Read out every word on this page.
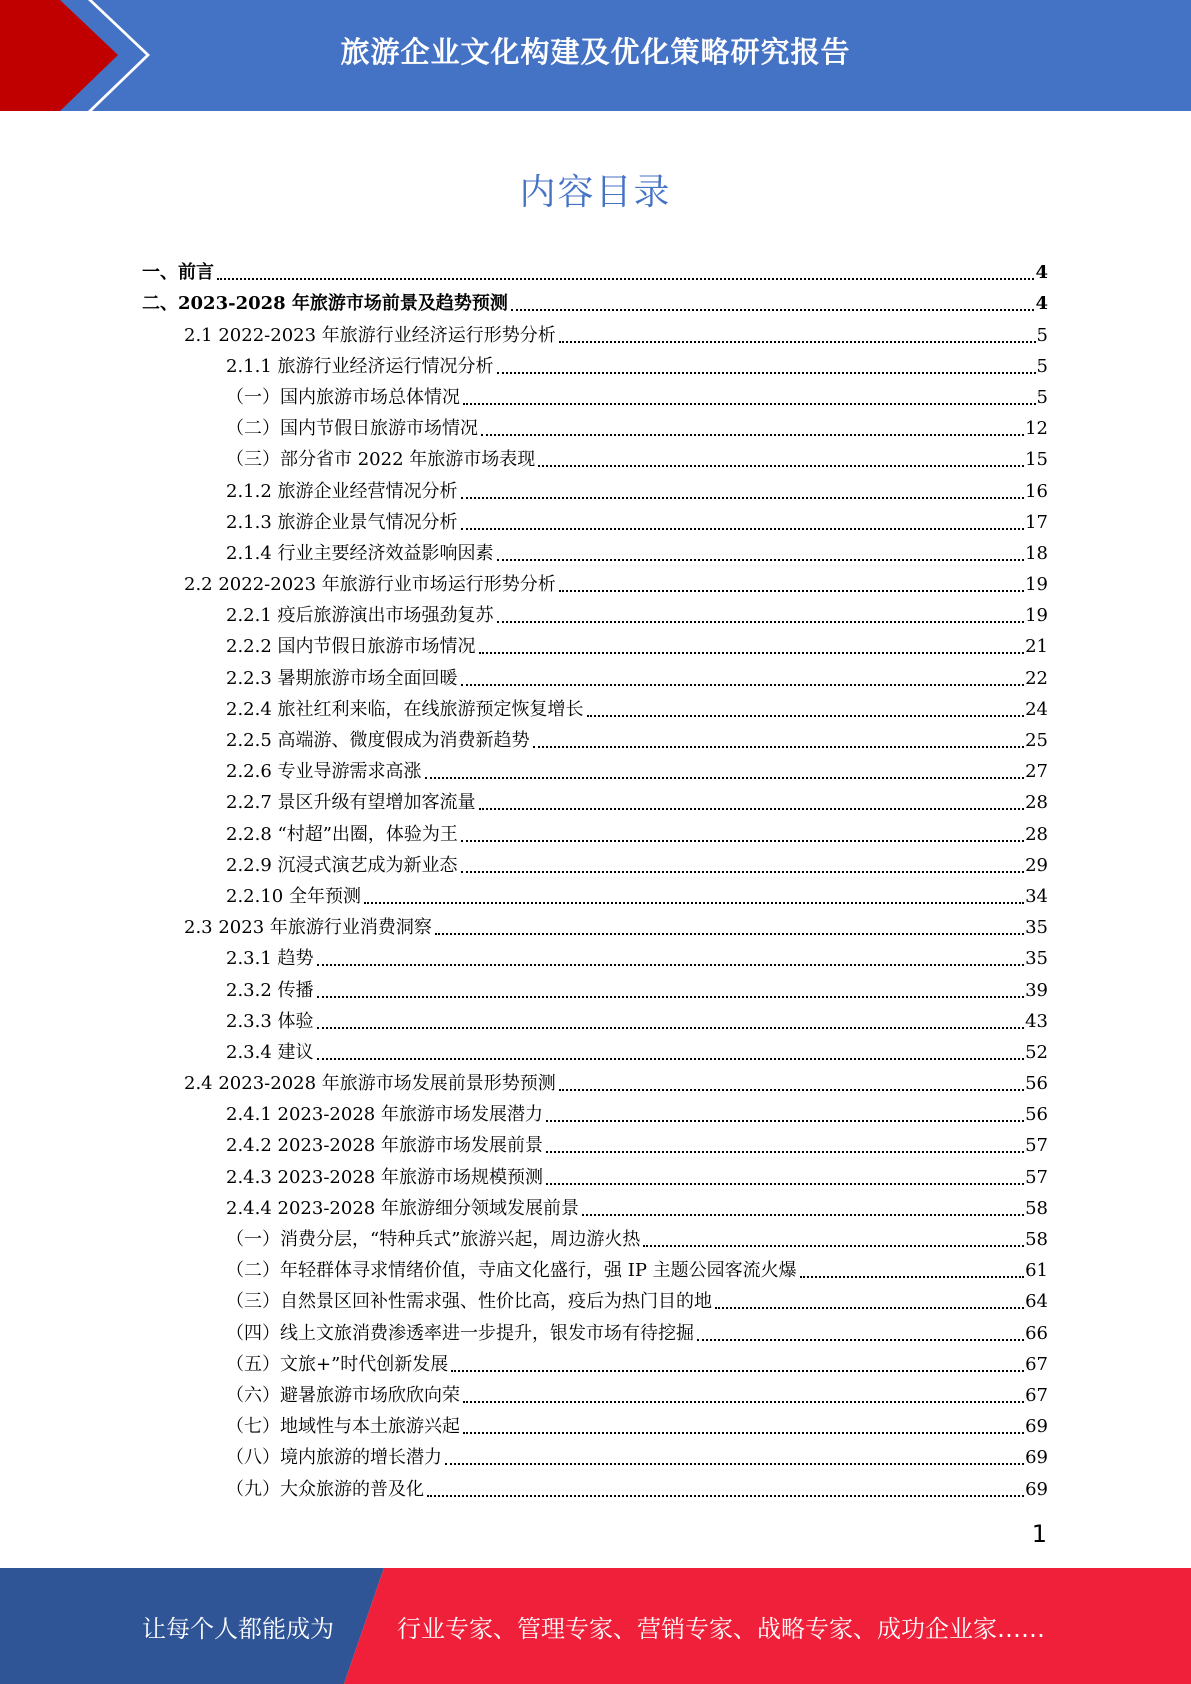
旅游企业文化构建及优化策略研究报告
内容目录
一、前言	4
二、2023-2028 年旅游市场前景及趋势预测	4
2.1 2022-2023 年旅游行业经济运行形势分析	5
2.1.1 旅游行业经济运行情况分析	5
（一）国内旅游市场总体情况	5
（二）国内节假日旅游市场情况	12
（三）部分省市 2022 年旅游市场表现	15
2.1.2 旅游企业经营情况分析	16
2.1.3 旅游企业景气情况分析	17
2.1.4 行业主要经济效益影响因素	18
2.2 2022-2023 年旅游行业市场运行形势分析	19
2.2.1 疫后旅游演出市场强劲复苏	19
2.2.2 国内节假日旅游市场情况	21
2.2.3 暑期旅游市场全面回暖	22
2.2.4 旅社红利来临，在线旅游预定恢复增长	24
2.2.5 高端游、微度假成为消费新趋势	25
2.2.6 专业导游需求高涨	27
2.2.7 景区升级有望增加客流量	28
2.2.8 “村超”出圈，体验为王	28
2.2.9 沉浸式演艺成为新业态	29
2.2.10 全年预测	34
2.3 2023 年旅游行业消费洞察	35
2.3.1 趋势	35
2.3.2 传播	39
2.3.3 体验	43
2.3.4 建议	52
2.4 2023-2028 年旅游市场发展前景形势预测	56
2.4.1 2023-2028 年旅游市场发展潜力	56
2.4.2 2023-2028 年旅游市场发展前景	57
2.4.3 2023-2028 年旅游市场规模预测	57
2.4.4 2023-2028 年旅游细分领域发展前景	58
（一）消费分层，“特种兵式”旅游兴起，周边游火热	58
（二）年轻群体寻求情绪价值，寺庙文化盛行，强 IP 主题公园客流火爆	61
（三）自然景区回补性需求强、性价比高，疫后为热门目的地	64
（四）线上文旅消费渗透率进一步提升，银发市场有待挖掘	66
（五）文旅+”时代创新发展	67
（六）避暑旅游市场欣欣向荣	67
（七）地域性与本土旅游兴起	69
（八）境内旅游的增长潜力	69
（九）大众旅游的普及化	69
1
让每个人都能成为	行业专家、管理专家、营销专家、战略专家、成功企业家……
